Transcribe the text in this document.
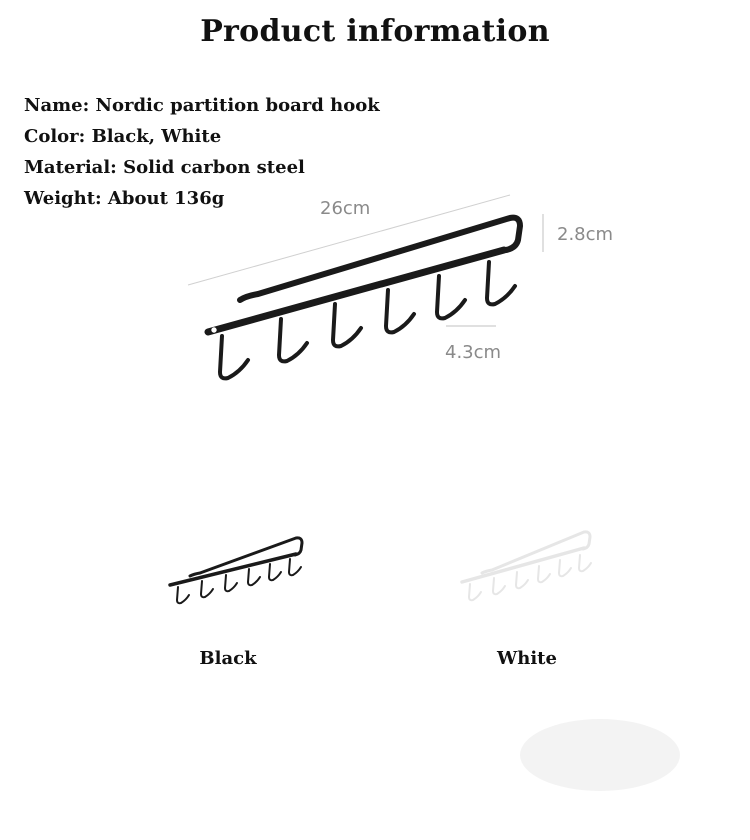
Product information
Name: Nordic partition board hook
Color: Black, White
Material: Solid carbon steel
Weight: About 136g	26cm
2.8cm
4.3cm
Black	White
